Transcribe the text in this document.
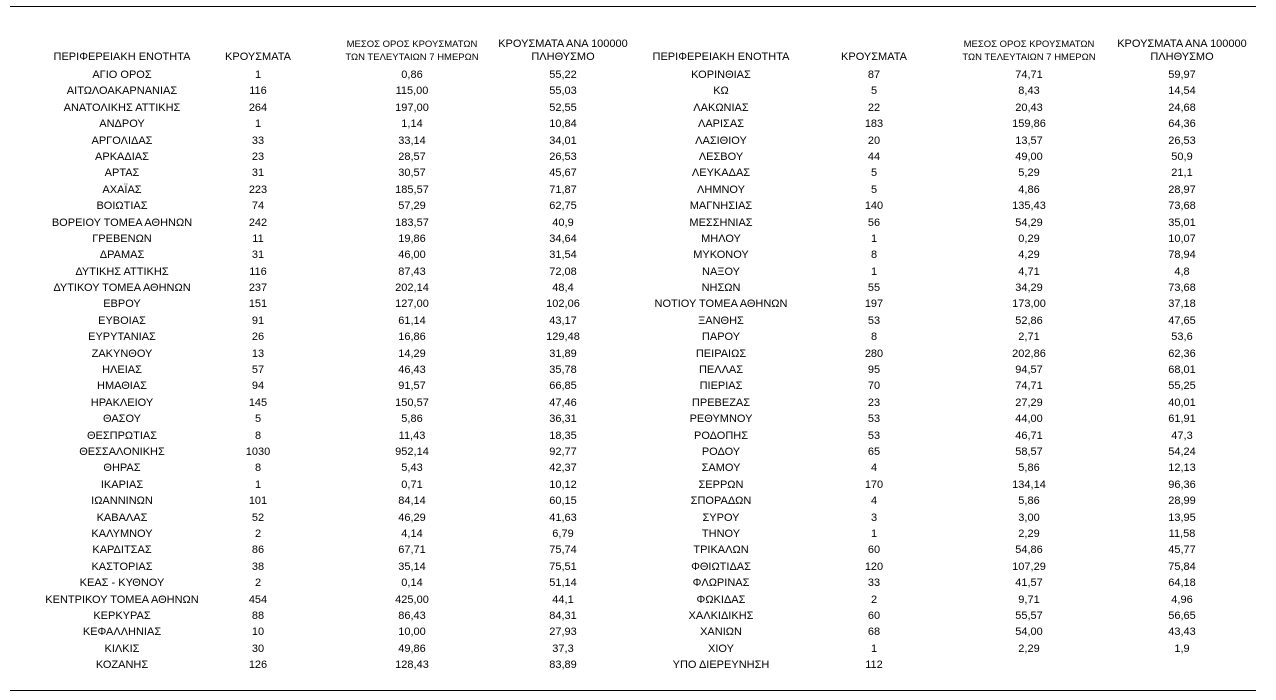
ΠΕΡΙΦΕΡΕΙΑΚΗ ΕΝΟΤΗΤΑ	ΚΡΟΥΣΜΑΤΑ
ΜΕΣΟΣ ΟΡΟΣ ΚΡΟΥΣΜΑΤΩΝ
ΤΩΝ ΤΕΛΕΥΤΑΙΩΝ 7 ΗΜΕΡΩΝ
ΚΡΟΥΣΜΑΤΑ ΑΝΑ 100000
ΠΛΗΘΥΣΜΟ
ΑΓΙΟ ΟΡΟΣ	1	0,86	55,22
ΑΙΤΩΛΟΑΚΑΡΝΑΝΙΑΣ	116	115,00	55,03
ΑΝΑΤΟΛΙΚΗΣ ΑΤΤΙΚΗΣ	264	197,00	52,55
ΑΝΔΡΟΥ	1	1,14	10,84
ΑΡΓΟΛΙΔΑΣ	33	33,14	34,01
ΑΡΚΑΔΙΑΣ	23	28,57	26,53
ΑΡΤΑΣ	31	30,57	45,67
ΑΧΑΪΑΣ	223	185,57	71,87
ΒΟΙΩΤΙΑΣ	74	57,29	62,75
ΒΟΡΕΙΟΥ ΤΟΜΕΑ ΑΘΗΝΩΝ	242	183,57	40,9
ΓΡΕΒΕΝΩΝ	11	19,86	34,64
ΔΡΑΜΑΣ	31	46,00	31,54
ΔΥΤΙΚΗΣ ΑΤΤΙΚΗΣ	116	87,43	72,08
ΔΥΤΙΚΟΥ ΤΟΜΕΑ ΑΘΗΝΩΝ	237	202,14	48,4
ΕΒΡΟΥ	151	127,00	102,06
ΕΥΒΟΙΑΣ	91	61,14	43,17
ΕΥΡΥΤΑΝΙΑΣ	26	16,86	129,48
ΖΑΚΥΝΘΟΥ	13	14,29	31,89
ΗΛΕΙΑΣ	57	46,43	35,78
ΗΜΑΘΙΑΣ	94	91,57	66,85
ΗΡΑΚΛΕΙΟΥ	145	150,57	47,46
ΘΑΣΟΥ	5	5,86	36,31
ΘΕΣΠΡΩΤΙΑΣ	8	11,43	18,35
ΘΕΣΣΑΛΟΝΙΚΗΣ	1030	952,14	92,77
ΘΗΡΑΣ	8	5,43	42,37
ΙΚΑΡΙΑΣ	1	0,71	10,12
ΙΩΑΝΝΙΝΩΝ	101	84,14	60,15
ΚΑΒΑΛΑΣ	52	46,29	41,63
ΚΑΛΥΜΝΟΥ	2	4,14	6,79
ΚΑΡΔΙΤΣΑΣ	86	67,71	75,74
ΚΑΣΤΟΡΙΑΣ	38	35,14	75,51
ΚΕΑΣ - ΚΥΘΝΟΥ	2	0,14	51,14
ΚΕΝΤΡΙΚΟΥ ΤΟΜΕΑ ΑΘΗΝΩΝ	454	425,00	44,1
ΚΕΡΚΥΡΑΣ	88	86,43	84,31
ΚΕΦΑΛΛΗΝΙΑΣ	10	10,00	27,93
ΚΙΛΚΙΣ	30	49,86	37,3
ΚΟΖΑΝΗΣ	126	128,43	83,89
ΠΕΡΙΦΕΡΕΙΑΚΗ ΕΝΟΤΗΤΑ	ΚΡΟΥΣΜΑΤΑ
ΜΕΣΟΣ ΟΡΟΣ ΚΡΟΥΣΜΑΤΩΝ
ΤΩΝ ΤΕΛΕΥΤΑΙΩΝ 7 ΗΜΕΡΩΝ
ΚΡΟΥΣΜΑΤΑ ΑΝΑ 100000
ΠΛΗΘΥΣΜΟ
ΚΟΡΙΝΘΙΑΣ	87	74,71	59,97
ΚΩ	5	8,43	14,54
ΛΑΚΩΝΙΑΣ	22	20,43	24,68
ΛΑΡΙΣΑΣ	183	159,86	64,36
ΛΑΣΙΘΙΟΥ	20	13,57	26,53
ΛΕΣΒΟΥ	44	49,00	50,9
ΛΕΥΚΑΔΑΣ	5	5,29	21,1
ΛΗΜΝΟΥ	5	4,86	28,97
ΜΑΓΝΗΣΙΑΣ	140	135,43	73,68
ΜΕΣΣΗΝΙΑΣ	56	54,29	35,01
ΜΗΛΟΥ	1	0,29	10,07
ΜΥΚΟΝΟΥ	8	4,29	78,94
ΝΑΞΟΥ	1	4,71	4,8
ΝΗΣΩΝ	55	34,29	73,68
ΝΟΤΙΟΥ ΤΟΜΕΑ ΑΘΗΝΩΝ	197	173,00	37,18
ΞΑΝΘΗΣ	53	52,86	47,65
ΠΑΡΟΥ	8	2,71	53,6
ΠΕΙΡΑΙΩΣ	280	202,86	62,36
ΠΕΛΛΑΣ	95	94,57	68,01
ΠΙΕΡΙΑΣ	70	74,71	55,25
ΠΡΕΒΕΖΑΣ	23	27,29	40,01
ΡΕΘΥΜΝΟΥ	53	44,00	61,91
ΡΟΔΟΠΗΣ	53	46,71	47,3
ΡΟΔΟΥ	65	58,57	54,24
ΣΑΜΟΥ	4	5,86	12,13
ΣΕΡΡΩΝ	170	134,14	96,36
ΣΠΟΡΑΔΩΝ	4	5,86	28,99
ΣΥΡΟΥ	3	3,00	13,95
ΤΗΝΟΥ	1	2,29	11,58
ΤΡΙΚΑΛΩΝ	60	54,86	45,77
ΦΘΙΩΤΙΔΑΣ	120	107,29	75,84
ΦΛΩΡΙΝΑΣ	33	41,57	64,18
ΦΩΚΙΔΑΣ	2	9,71	4,96
ΧΑΛΚΙΔΙΚΗΣ	60	55,57	56,65
ΧΑΝΙΩΝ	68	54,00	43,43
ΧΙΟΥ	1	2,29	1,9
ΥΠΟ ΔΙΕΡΕΥΝΗΣΗ	112
